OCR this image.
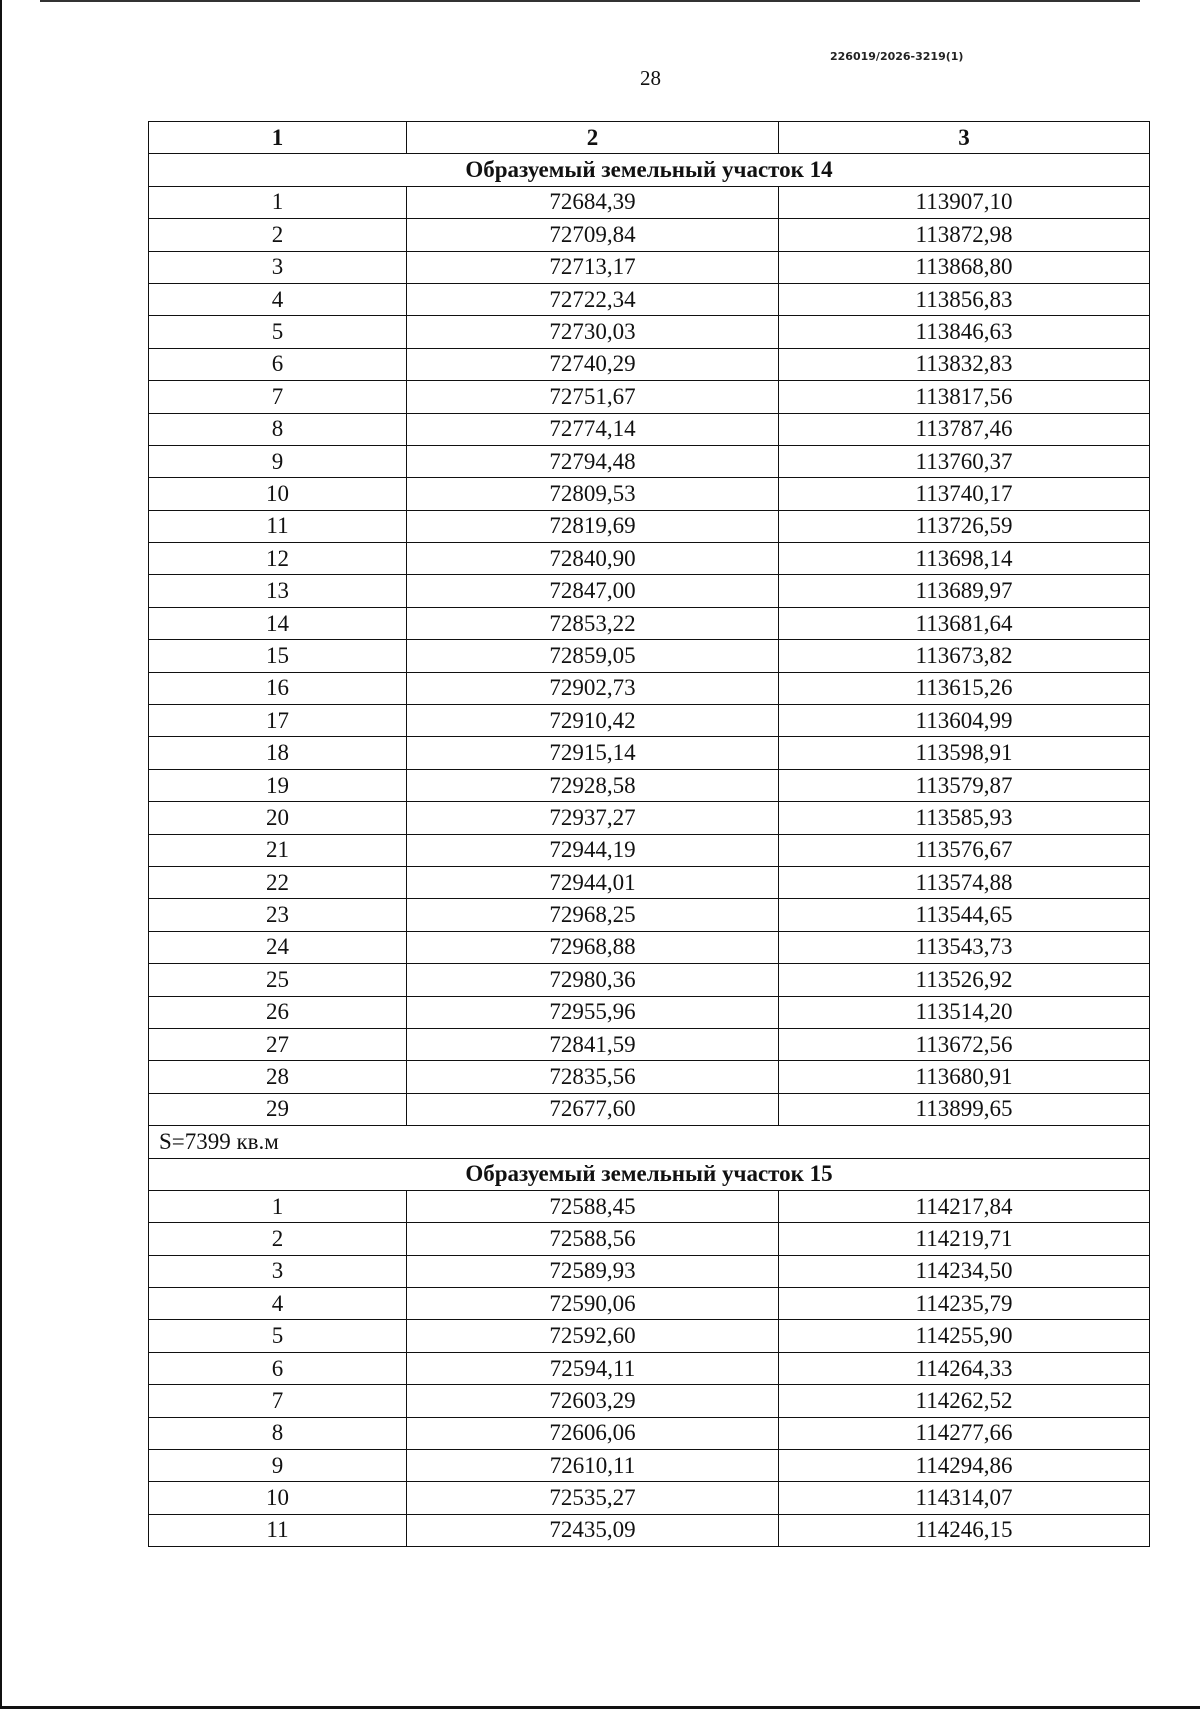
226019/2026-3219(1)
28
1	2	3
Образуемый земельный участок 14		
1	72684,39	113907,10
2	72709,84	113872,98
3	72713,17	113868,80
4	72722,34	113856,83
5	72730,03	113846,63
6	72740,29	113832,83
7	72751,67	113817,56
8	72774,14	113787,46
9	72794,48	113760,37
10	72809,53	113740,17
11	72819,69	113726,59
12	72840,90	113698,14
13	72847,00	113689,97
14	72853,22	113681,64
15	72859,05	113673,82
16	72902,73	113615,26
17	72910,42	113604,99
18	72915,14	113598,91
19	72928,58	113579,87
20	72937,27	113585,93
21	72944,19	113576,67
22	72944,01	113574,88
23	72968,25	113544,65
24	72968,88	113543,73
25	72980,36	113526,92
26	72955,96	113514,20
27	72841,59	113672,56
28	72835,56	113680,91
29	72677,60	113899,65
S=7399 кв.м		
Образуемый земельный участок 15		
1	72588,45	114217,84
2	72588,56	114219,71
3	72589,93	114234,50
4	72590,06	114235,79
5	72592,60	114255,90
6	72594,11	114264,33
7	72603,29	114262,52
8	72606,06	114277,66
9	72610,11	114294,86
10	72535,27	114314,07
11	72435,09	114246,15
